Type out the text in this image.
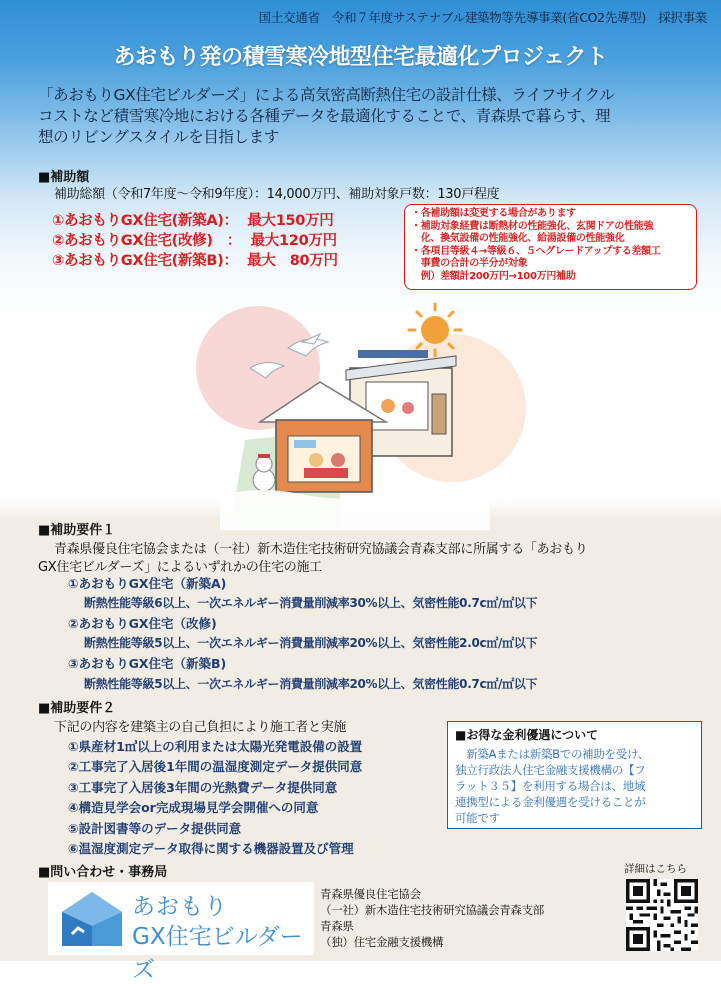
国土交通省　令和７年度サステナブル建築物等先導事業(省CO2先導型)　採択事業
あおもり発の積雪寒冷地型住宅最適化プロジェクト
「あおもりGX住宅ビルダーズ」による高気密高断熱住宅の設計仕様、ライフサイクル
コストなど積雪寒冷地における各種データを最適化することで、青森県で暮らす、理
想のリビングスタイルを目指します
■補助額
補助総額（令和7年度〜令和9年度）：14,000万円、補助対象戸数：130戸程度
①あおもりGX住宅(新築A)：  最大150万円
②あおもりGX住宅(改修)　：  最大120万円
③あおもりGX住宅(新築B)：  最大　80万円
・各補助額は変更する場合があります
・補助対象経費は断熱材の性能強化、玄関ドアの性能強
　化、換気設備の性能強化、給湯設備の性能強化
・各項目等級４→等級６、５へグレードアップする差額工
　事費の合計の半分が対象
　例）差額計200万円→100万円補助
■補助要件１
青森県優良住宅協会または（一社）新木造住宅技術研究協議会青森支部に所属する「あおもり
GX住宅ビルダーズ」によるいずれかの住宅の施工
①あおもりGX住宅（新築A)
断熱性能等級6以上、一次エネルギー消費量削減率30%以上、気密性能0.7c㎡/㎡以下
②あおもりGX住宅（改修)
断熱性能等級5以上、一次エネルギー消費量削減率20%以上、気密性能2.0c㎡/㎡以下
③あおもりGX住宅（新築B)
断熱性能等級5以上、一次エネルギー消費量削減率20%以上、気密性能0.7c㎡/㎡以下
■補助要件２
下記の内容を建築主の自己負担により施工者と実施
①県産材1㎥以上の利用または太陽光発電設備の設置
②工事完了入居後1年間の温湿度測定データ提供同意
③工事完了入居後3年間の光熱費データ提供同意
④構造見学会or完成現場見学会開催への同意
⑤設計図書等のデータ提供同意
⑥温湿度測定データ取得に関する機器設置及び管理
■お得な金利優遇について
　新築Aまたは新築Bでの補助を受け、
独立行政法人住宅金融支援機構の【フ
ラット３５】を利用する場合は、地域
連携型による金利優遇を受けることが
可能です
■問い合わせ・事務局
あおもり
GX住宅ビルダーズ
青森県優良住宅協会
（一社）新木造住宅技術研究協議会青森支部
青森県
（独）住宅金融支援機構
詳細はこちら
